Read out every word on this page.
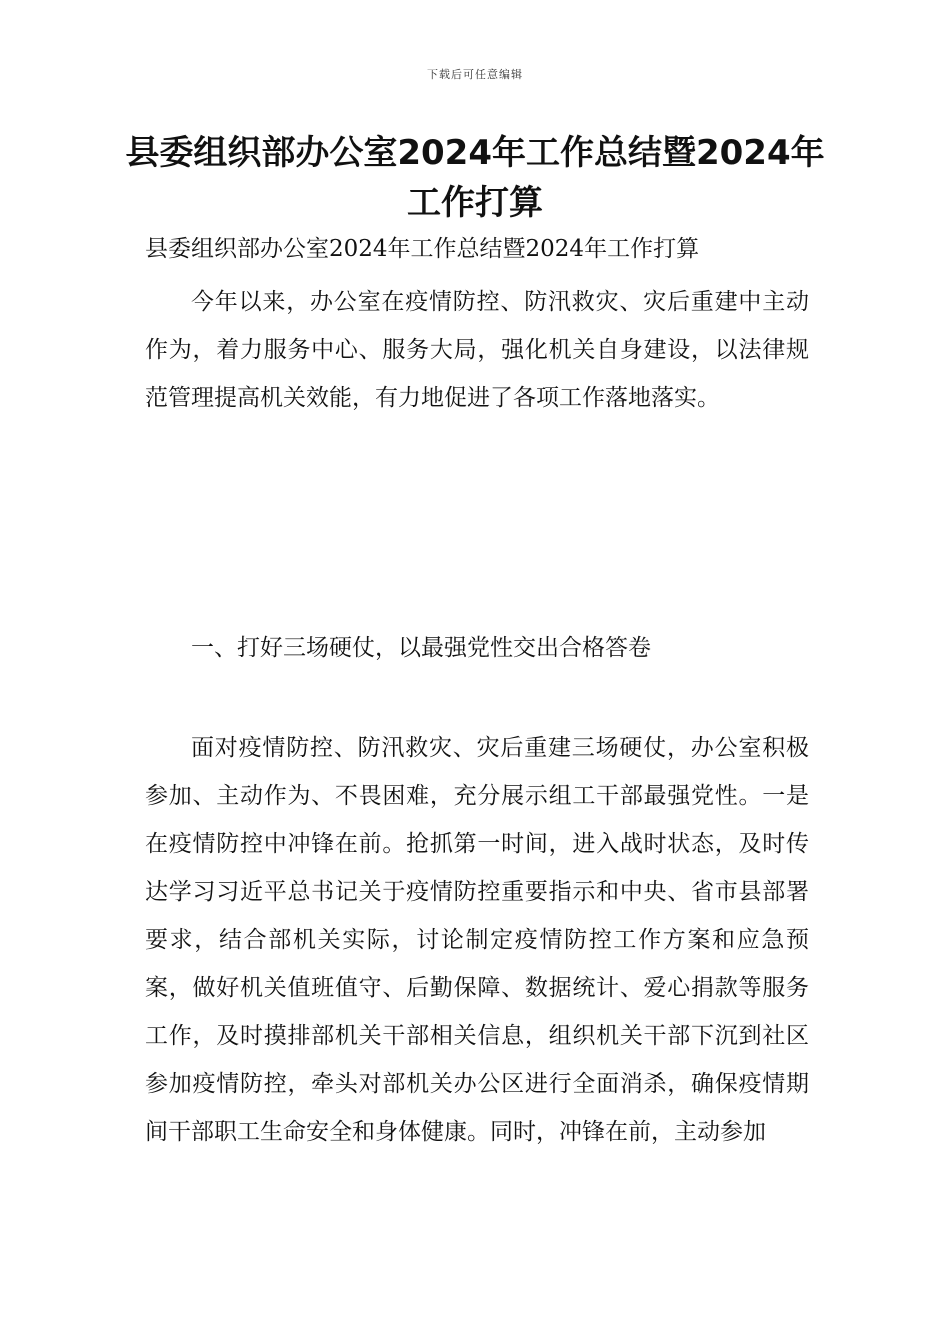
下载后可任意编辑
县委组织部办公室2024年工作总结暨2024年工作打算

县委组织部办公室2024年工作总结暨2024年工作打算

今年以来，办公室在疫情防控、防汛救灾、灾后重建中主动作为，着力服务中心、服务大局，强化机关自身建设，以法律规范管理提高机关效能，有力地促进了各项工作落地落实。

一、打好三场硬仗，以最强党性交出合格答卷

面对疫情防控、防汛救灾、灾后重建三场硬仗，办公室积极参加、主动作为、不畏困难，充分展示组工干部最强党性。一是在疫情防控中冲锋在前。抢抓第一时间，进入战时状态，及时传达学习习近平总书记关于疫情防控重要指示和中央、省市县部署要求，结合部机关实际，讨论制定疫情防控工作方案和应急预案，做好机关值班值守、后勤保障、数据统计、爱心捐款等服务工作，及时摸排部机关干部相关信息，组织机关干部下沉到社区参加疫情防控，牵头对部机关办公区进行全面消杀，确保疫情期间干部职工生命安全和身体健康。同时，冲锋在前，主动参加
